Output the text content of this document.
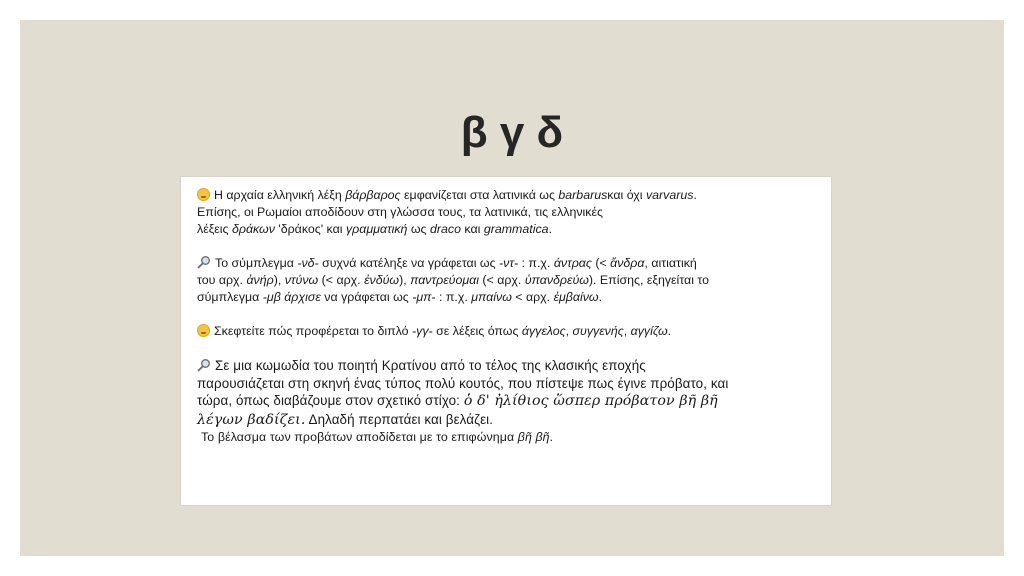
β γ δ
Η αρχαία ελληνική λέξη βάρβαρος εμφανίζεται στα λατινικά ως barbarusκαι όχι varvarus.
Επίσης, οι Ρωμαίοι αποδίδουν στη γλώσσα τους, τα λατινικά, τις ελληνικές
λέξεις δράκων 'δράκος' και γραμματική ως draco και grammatica.
Το σύμπλεγμα -νδ- συχνά κατέληξε να γράφεται ως -ντ- : π.χ. άντρας (< ἄνδρα, αιτιατική
του αρχ. ἀνήρ), ντύνω (< αρχ. ἐνδύω), παντρεύομαι (< αρχ. ὑπανδρεύω). Επίσης, εξηγείται το
σύμπλεγμα -μβ άρχισε να γράφεται ως -μπ- : π.χ. μπαίνω < αρχ. ἐμβαίνω.
Σκεφτείτε πώς προφέρεται το διπλό -γγ- σε λέξεις όπως άγγελος, συγγενής, αγγίζω.
Σε μια κωμωδία του ποιητή Κρατίνου από το τέλος της κλασικής εποχής
παρουσιάζεται στη σκηνή ένας τύπος πολύ κουτός, που πίστεψε πως έγινε πρόβατο, και
τώρα, όπως διαβάζουμε στον σχετικό στίχο: ὁ δ' ἠλίθιος ὥσπερ πρόβατον βῆ βῆ
λέγων βαδίζει. Δηλαδή περπατάει και βελάζει.
Το βέλασμα των προβάτων αποδίδεται με το επιφώνημα βῆ βῆ.
